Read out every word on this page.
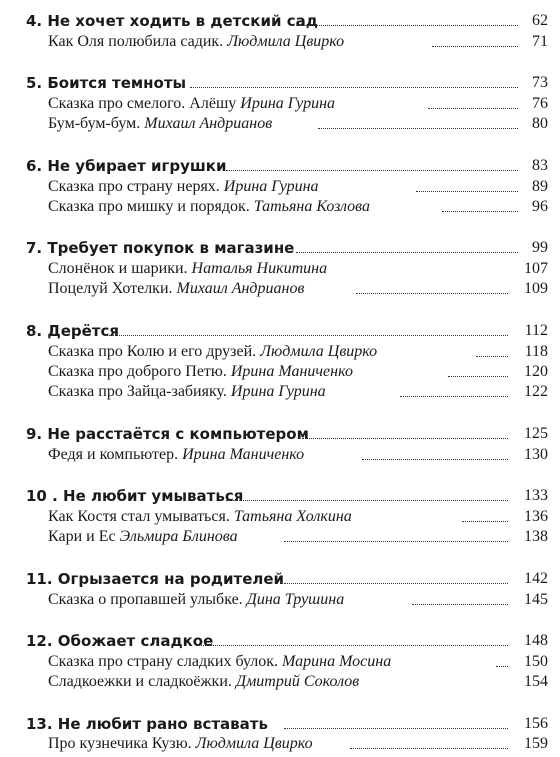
4. Не хочет ходить в детский сад	62
Как Оля полюбила садик. Людмила Цвирко	71
5. Боится темноты	73
Сказка про смелого. Алёшу Ирина Гурина	76
Бум-бум-бум. Михаил Андрианов	80
6. Не убирает игрушки	83
Сказка про страну нерях. Ирина Гурина	89
Сказка про мишку и порядок. Татьяна Козлова	96
7. Требует покупок в магазине	99
Слонёнок и шарики. Наталья Никитина	107
Поцелуй Хотелки. Михаил Андрианов	109
8. Дерётся	112
Сказка про Колю и его друзей. Людмила Цвирко	118
Сказка про доброго Петю. Ирина Маниченко	120
Сказка про Зайца-забияку. Ирина Гурина	122
9. Не расстаётся с компьютером	125
Федя и компьютер. Ирина Маниченко	130
10 . Не любит умываться	133
Как Костя стал умываться. Татьяна Холкина	136
Кари и Ес Эльмира Блинова	138
11. Огрызается на родителей	142
Сказка о пропавшей улыбке. Дина Трушина	145
12. Обожает сладкое	148
Сказка про страну сладких булок. Марина Мосина	150
Сладкоежки и сладкоёжки. Дмитрий Соколов	154
13. Не любит рано вставать	156
Про кузнечика Кузю. Людмила Цвирко	159
